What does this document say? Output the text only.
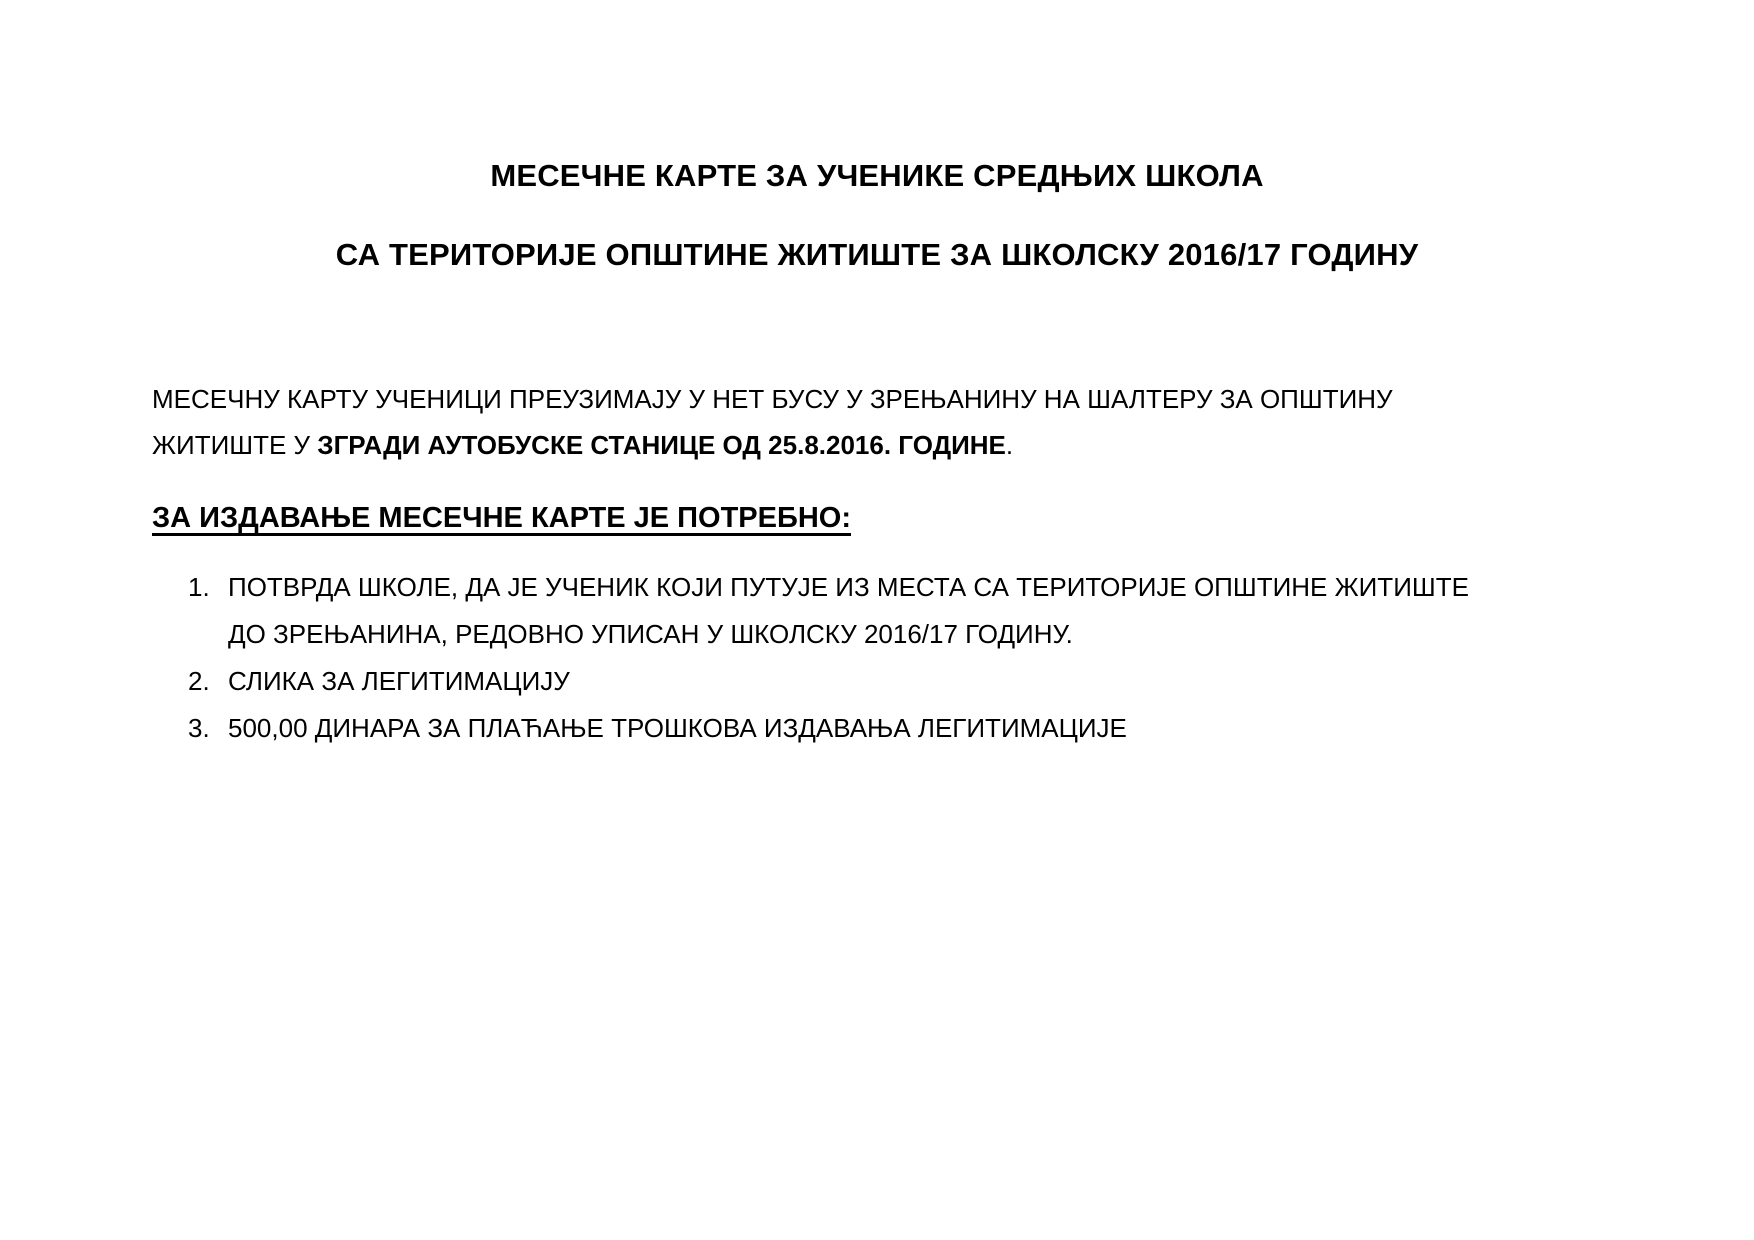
МЕСЕЧНЕ КАРТЕ ЗА УЧЕНИКЕ СРЕДЊИХ ШКОЛА
СА ТЕРИТОРИЈЕ ОПШТИНЕ ЖИТИШТЕ ЗА ШКОЛСКУ 2016/17 ГОДИНУ
МЕСЕЧНУ КАРТУ УЧЕНИЦИ ПРЕУЗИМАЈУ У НЕТ БУСУ У ЗРЕЊАНИНУ НА ШАЛТЕРУ ЗА ОПШТИНУ
ЖИТИШТЕ У ЗГРАДИ АУТОБУСКЕ СТАНИЦЕ ОД 25.8.2016. ГОДИНЕ.
ЗА ИЗДАВАЊЕ МЕСЕЧНЕ КАРТЕ ЈЕ ПОТРЕБНО:
1. ПОТВРДА ШКОЛЕ, ДА ЈЕ УЧЕНИК КОЈИ ПУТУЈЕ ИЗ МЕСТА СА ТЕРИТОРИЈЕ ОПШТИНЕ ЖИТИШТЕ
ДО ЗРЕЊАНИНА, РЕДОВНО УПИСАН У ШКОЛСКУ 2016/17 ГОДИНУ.
2. СЛИКА ЗА ЛЕГИТИМАЦИЈУ
3. 500,00 ДИНАРА ЗА ПЛАЋАЊЕ ТРОШКОВА ИЗДАВАЊА ЛЕГИТИМАЦИЈЕ
